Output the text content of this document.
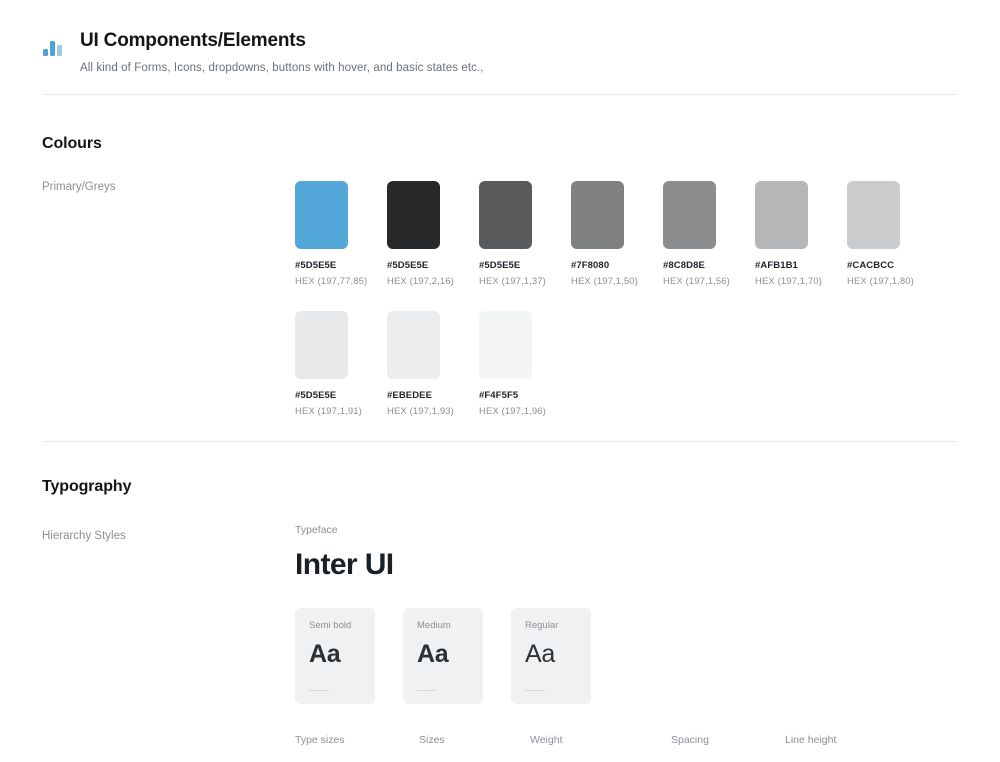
UI Components/Elements
All kind of Forms, Icons, dropdowns, buttons with hover, and basic states etc.,
Colours
Primary/Greys
#5D5E5E
HEX (197,77,85)
#5D5E5E
HEX (197,2,16)
#5D5E5E
HEX (197,1,37)
#7F8080
HEX (197,1,50)
#8C8D8E
HEX (197,1,56)
#AFB1B1
HEX (197,1,70)
#CACBCC
HEX (197,1,80)
#5D5E5E
HEX (197,1,91)
#EBEDEE
HEX (197,1,93)
#F4F5F5
HEX (197,1,96)
Typography
Hierarchy Styles	Typeface
Inter UI
Semi bold
Aa
Medium
Aa
Regular
Aa
Type sizes	Sizes	Weight	Spacing	Line height
